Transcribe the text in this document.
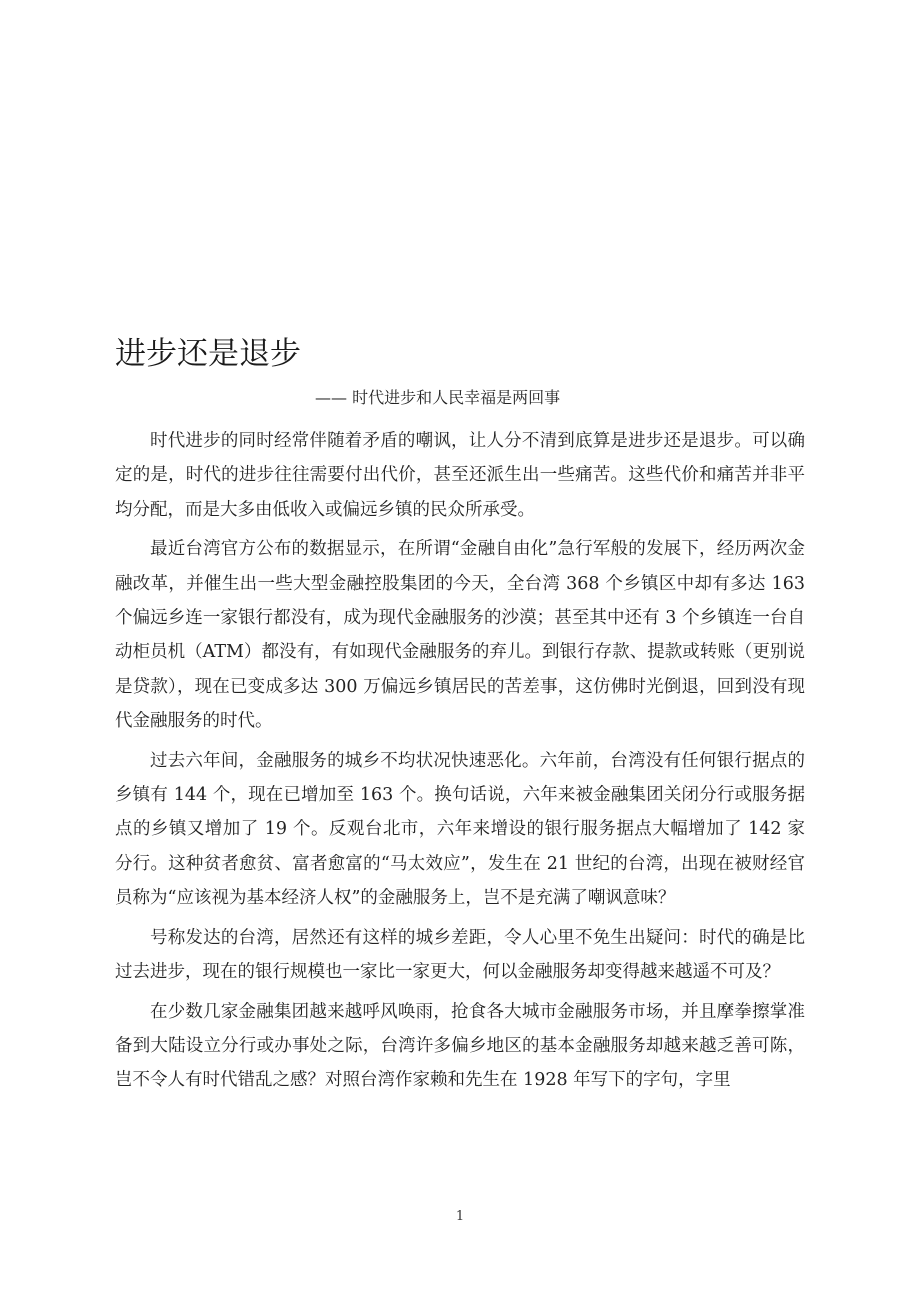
进步还是退步
—— 时代进步和人民幸福是两回事

时代进步的同时经常伴随着矛盾的嘲讽，让人分不清到底算是进步还是退步。可以确定的是，时代的进步往往需要付出代价，甚至还派生出一些痛苦。这些代价和痛苦并非平均分配，而是大多由低收入或偏远乡镇的民众所承受。

最近台湾官方公布的数据显示，在所谓“金融自由化”急行军般的发展下，经历两次金融改革，并催生出一些大型金融控股集团的今天，全台湾 368 个乡镇区中却有多达 163 个偏远乡连一家银行都没有，成为现代金融服务的沙漠；甚至其中还有 3 个乡镇连一台自动柜员机（ATM）都没有，有如现代金融服务的弃儿。到银行存款、提款或转账（更别说是贷款），现在已变成多达 300 万偏远乡镇居民的苦差事，这仿佛时光倒退，回到没有现代金融服务的时代。

过去六年间，金融服务的城乡不均状况快速恶化。六年前，台湾没有任何银行据点的乡镇有 144 个，现在已增加至 163 个。换句话说，六年来被金融集团关闭分行或服务据点的乡镇又增加了 19 个。反观台北市，六年来增设的银行服务据点大幅增加了 142 家分行。这种贫者愈贫、富者愈富的“马太效应”，发生在 21 世纪的台湾，出现在被财经官员称为“应该视为基本经济人权”的金融服务上，岂不是充满了嘲讽意味？

号称发达的台湾，居然还有这样的城乡差距，令人心里不免生出疑问：时代的确是比过去进步，现在的银行规模也一家比一家更大，何以金融服务却变得越来越遥不可及？

在少数几家金融集团越来越呼风唤雨，抢食各大城市金融服务市场，并且摩拳擦掌准备到大陆设立分行或办事处之际，台湾许多偏乡地区的基本金融服务却越来越乏善可陈，岂不令人有时代错乱之感？对照台湾作家赖和先生在 1928 年写下的字句，字里

1
